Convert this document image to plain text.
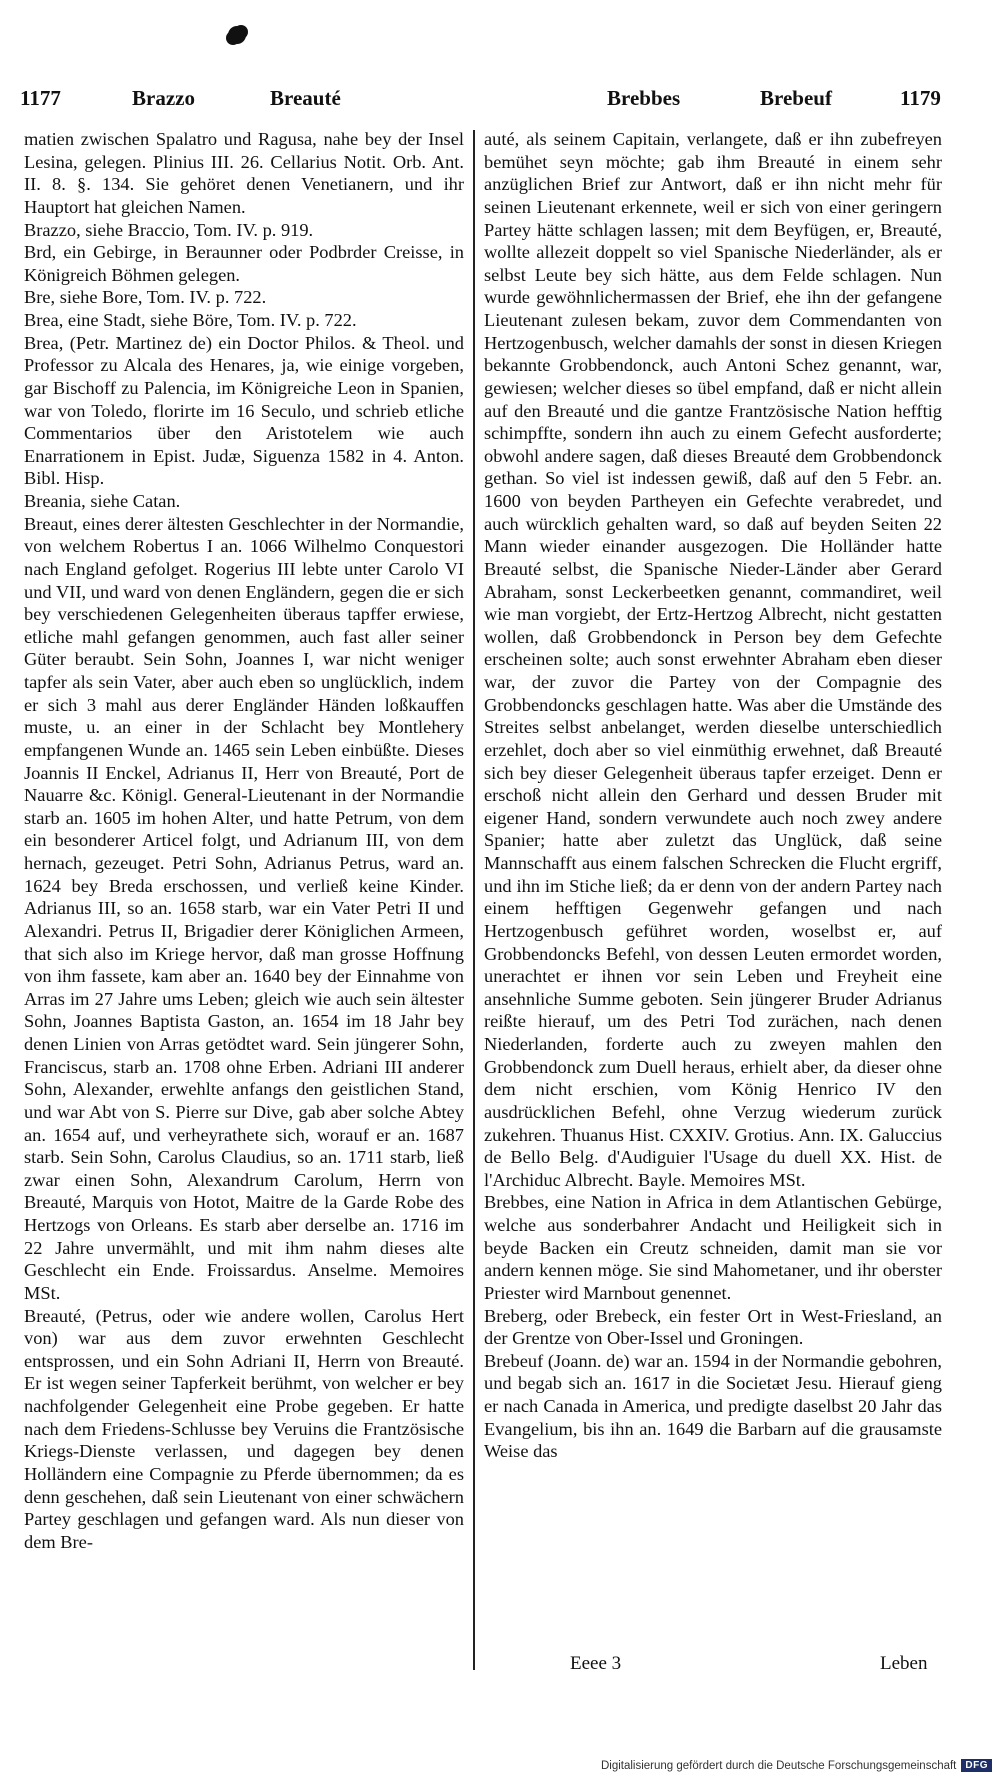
1177	Brazzo	Breauté	Brebbes	Brebeuf	1179

matien zwischen Spalatro und Ragusa, nahe bey der Insel Lesina, gelegen. Plinius III. 26. Cellarius Notit. Orb. Ant. II. 8. §. 134. Sie gehöret denen Venetianern, und ihr Hauptort hat gleichen Namen.

Brazzo, siehe Braccio, Tom. IV. p. 919.

Brd, ein Gebirge, in Beraunner oder Podbrder Creisse, in Königreich Böhmen gelegen.

Bre, siehe Bore, Tom. IV. p. 722.

Brea, eine Stadt, siehe Böre, Tom. IV. p. 722.

Brea, (Petr. Martinez de) ein Doctor Philos. & Theol. und Professor zu Alcala des Henares, ja, wie einige vorgeben, gar Bischoff zu Palencia, im Königreiche Leon in Spanien, war von Toledo, florirte im 16 Seculo, und schrieb etliche Commentarios über den Aristotelem wie auch Enarrationem in Epist. Judæ, Siguenza 1582 in 4. Anton. Bibl. Hisp.

Breania, siehe Catan.

Breaut, eines derer ältesten Geschlechter in der Normandie, von welchem Robertus I an. 1066 Wilhelmo Conquestori nach England gefolget. Rogerius III lebte unter Carolo VI und VII, und ward von denen Engländern, gegen die er sich bey verschiedenen Gelegenheiten überaus tapffer erwiese, etliche mahl gefangen genommen, auch fast aller seiner Güter beraubt. Sein Sohn, Joannes I, war nicht weniger tapfer als sein Vater, aber auch eben so unglücklich, indem er sich 3 mahl aus derer Engländer Händen loßkauffen muste, u. an einer in der Schlacht bey Montlehery empfangenen Wunde an. 1465 sein Leben einbüßte. Dieses Joannis II Enckel, Adrianus II, Herr von Breauté, Port de Nauarre &c. Königl. General-Lieutenant in der Normandie starb an. 1605 im hohen Alter, und hatte Petrum, von dem ein besonderer Articel folgt, und Adrianum III, von dem hernach, gezeuget. Petri Sohn, Adrianus Petrus, ward an. 1624 bey Breda erschossen, und verließ keine Kinder. Adrianus III, so an. 1658 starb, war ein Vater Petri II und Alexandri. Petrus II, Brigadier derer Königlichen Armeen, that sich also im Kriege hervor, daß man grosse Hoffnung von ihm fassete, kam aber an. 1640 bey der Einnahme von Arras im 27 Jahre ums Leben; gleich wie auch sein ältester Sohn, Joannes Baptista Gaston, an. 1654 im 18 Jahr bey denen Linien von Arras getödtet ward. Sein jüngerer Sohn, Franciscus, starb an. 1708 ohne Erben. Adriani III anderer Sohn, Alexander, erwehlte anfangs den geistlichen Stand, und war Abt von S. Pierre sur Dive, gab aber solche Abtey an. 1654 auf, und verheyrathete sich, worauf er an. 1687 starb. Sein Sohn, Carolus Claudius, so an. 1711 starb, ließ zwar einen Sohn, Alexandrum Carolum, Herrn von Breauté, Marquis von Hotot, Maitre de la Garde Robe des Hertzogs von Orleans. Es starb aber derselbe an. 1716 im 22 Jahre unvermählt, und mit ihm nahm dieses alte Geschlecht ein Ende. Froissardus. Anselme. Memoires MSt.

Breauté, (Petrus, oder wie andere wollen, Carolus Hert von) war aus dem zuvor erwehnten Geschlecht entsprossen, und ein Sohn Adriani II, Herrn von Breauté. Er ist wegen seiner Tapferkeit berühmt, von welcher er bey nachfolgender Gelegenheit eine Probe gegeben. Er hatte nach dem Friedens-Schlusse bey Veruins die Frantzösische Kriegs-Dienste verlassen, und dagegen bey denen Holländern eine Compagnie zu Pferde übernommen; da es denn geschehen, daß sein Lieutenant von einer schwächern Partey geschlagen und gefangen ward. Als nun dieser von dem Bre-

auté, als seinem Capitain, verlangete, daß er ihn zubefreyen bemühet seyn möchte; gab ihm Breauté in einem sehr anzüglichen Brief zur Antwort, daß er ihn nicht mehr für seinen Lieutenant erkennete, weil er sich von einer geringern Partey hätte schlagen lassen; mit dem Beyfügen, er, Breauté, wollte allezeit doppelt so viel Spanische Niederländer, als er selbst Leute bey sich hätte, aus dem Felde schlagen. Nun wurde gewöhnlichermassen der Brief, ehe ihn der gefangene Lieutenant zulesen bekam, zuvor dem Commendanten von Hertzogenbusch, welcher damahls der sonst in diesen Kriegen bekannte Grobbendonck, auch Antoni Schez genannt, war, gewiesen; welcher dieses so übel empfand, daß er nicht allein auf den Breauté und die gantze Frantzösische Nation hefftig schimpffte, sondern ihn auch zu einem Gefecht ausforderte; obwohl andere sagen, daß dieses Breauté dem Grobbendonck gethan. So viel ist indessen gewiß, daß auf den 5 Febr. an. 1600 von beyden Partheyen ein Gefechte verabredet, und auch würcklich gehalten ward, so daß auf beyden Seiten 22 Mann wieder einander ausgezogen. Die Holländer hatte Breauté selbst, die Spanische Nieder-Länder aber Gerard Abraham, sonst Leckerbeetken genannt, commandiret, weil wie man vorgiebt, der Ertz-Hertzog Albrecht, nicht gestatten wollen, daß Grobbendonck in Person bey dem Gefechte erscheinen solte; auch sonst erwehnter Abraham eben dieser war, der zuvor die Partey von der Compagnie des Grobbendoncks geschlagen hatte. Was aber die Umstände des Streites selbst anbelanget, werden dieselbe unterschiedlich erzehlet, doch aber so viel einmüthig erwehnet, daß Breauté sich bey dieser Gelegenheit überaus tapfer erzeiget. Denn er erschoß nicht allein den Gerhard und dessen Bruder mit eigener Hand, sondern verwundete auch noch zwey andere Spanier; hatte aber zuletzt das Unglück, daß seine Mannschafft aus einem falschen Schrecken die Flucht ergriff, und ihn im Stiche ließ; da er denn von der andern Partey nach einem hefftigen Gegenwehr gefangen und nach Hertzogenbusch geführet worden, woselbst er, auf Grobbendoncks Befehl, von dessen Leuten ermordet worden, unerachtet er ihnen vor sein Leben und Freyheit eine ansehnliche Summe geboten. Sein jüngerer Bruder Adrianus reißte hierauf, um des Petri Tod zurächen, nach denen Niederlanden, forderte auch zu zweyen mahlen den Grobbendonck zum Duell heraus, erhielt aber, da dieser ohne dem nicht erschien, vom König Henrico IV den ausdrücklichen Befehl, ohne Verzug wiederum zurück zukehren. Thuanus Hist. CXXIV. Grotius. Ann. IX. Galuccius de Bello Belg. d'Audiguier l'Usage du duell XX. Hist. de l'Archiduc Albrecht. Bayle. Memoires MSt.

Brebbes, eine Nation in Africa in dem Atlantischen Gebürge, welche aus sonderbahrer Andacht und Heiligkeit sich in beyde Backen ein Creutz schneiden, damit man sie vor andern kennen möge. Sie sind Mahometaner, und ihr oberster Priester wird Marnbout genennet.

Breberg, oder Brebeck, ein fester Ort in West-Friesland, an der Grentze von Ober-Issel und Groningen.

Brebeuf (Joann. de) war an. 1594 in der Normandie gebohren, und begab sich an. 1617 in die Societæt Jesu. Hierauf gieng er nach Canada in America, und predigte daselbst 20 Jahr das Evangelium, bis ihn an. 1649 die Barbarn auf die grausamste Weise das

Eeee 3	Leben
Digitalisierung gefördert durch die Deutsche Forschungsgemeinschaft DFG
